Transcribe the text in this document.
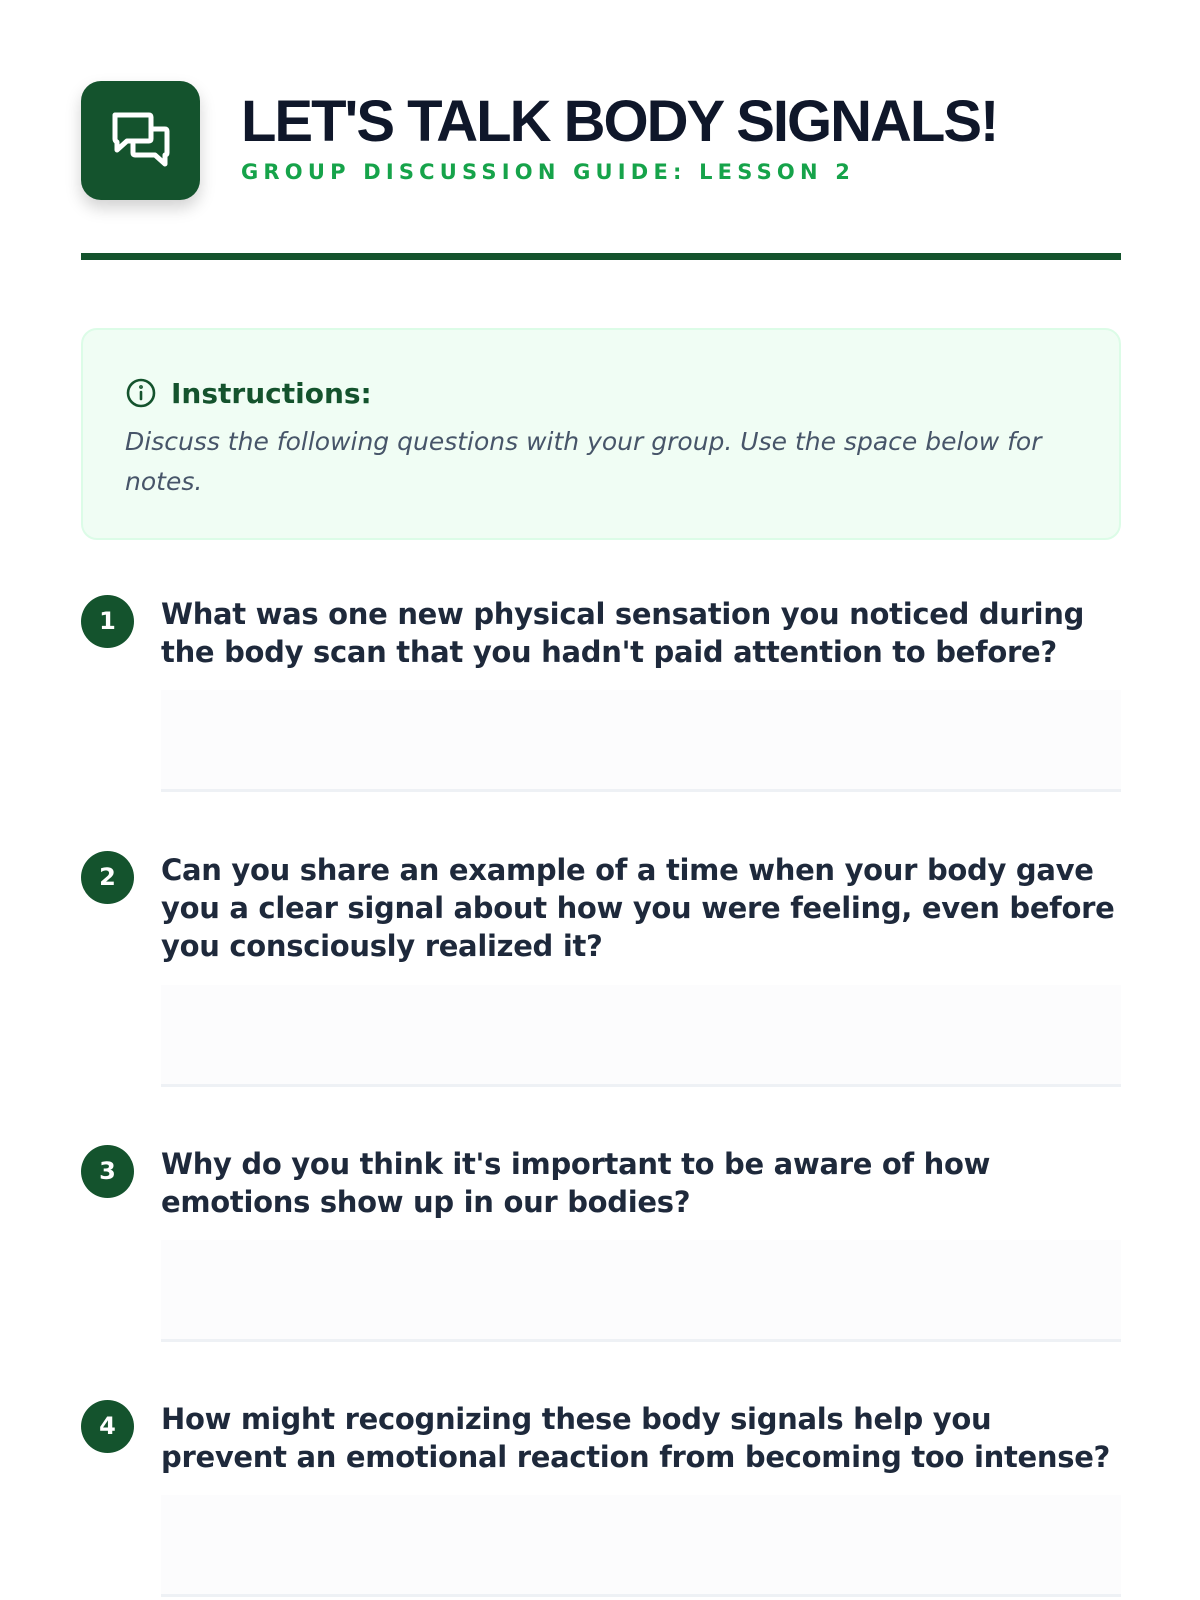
LET'S TALK BODY SIGNALS!

GROUP DISCUSSION GUIDE: LESSON 2

Instructions:

Discuss the following questions with your group. Use the space below for notes.

1	What was one new physical sensation you noticed during the body scan that you hadn't paid attention to before?

2	Can you share an example of a time when your body gave you a clear signal about how you were feeling, even before you consciously realized it?

3	Why do you think it's important to be aware of how emotions show up in our bodies?

4	How might recognizing these body signals help you prevent an emotional reaction from becoming too intense?
